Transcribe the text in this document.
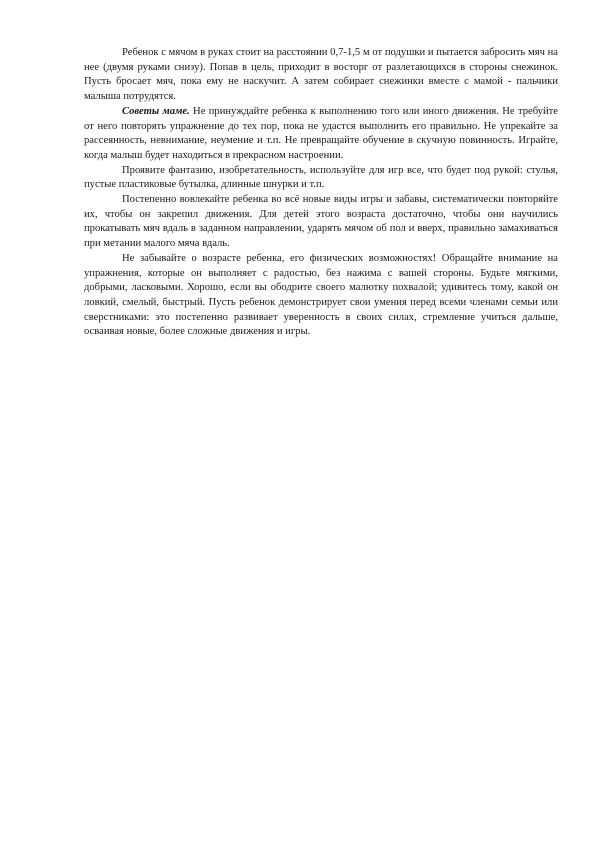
Ребенок с мячом в руках стоит на расстоянии 0,7-1,5 м от подушки и пытается забросить мяч на нее (двумя руками снизу). Попав в цель, приходит в восторг от разлетающихся в стороны снежинок. Пусть бросает мяч, пока ему не наскучит. А затем собирает снежинки вместе с мамой - пальчики малыша потрудятся.

Советы маме. Не принуждайте ребенка к выполнению того или иного движения. Не требуйте от него повторять упражнение до тех пор, пока не удастся выполнить его правильно. Не упрекайте за рассеянность, невнимание, неумение и т.п. Не превращайте обучение в скучную повинность. Играйте, когда малыш будет находиться в прекрасном настроении.

Проявите фантазию, изобретательность, используйте для игр все, что будет под рукой: стулья, пустые пластиковые бутылка, длинные шнурки и т.п.

Постепенно вовлекайте ребенка во всё новые виды игры и забавы, систематически повторяйте их, чтобы он закрепил движения. Для детей этого возраста достаточно, чтобы они научились прокатывать мяч вдаль в заданном направлении, ударять мячом об пол и вверх, правильно замахиваться при метании малого мяча вдаль.

Не забывайте о возрасте ребенка, его физических возможностях! Обращайте внимание на упражнения, которые он выполняет с радостью, без нажима с вашей стороны. Будьте мягкими, добрыми, ласковыми. Хорошо, если вы ободрите своего малютку похвалой; удивитесь тому, какой он ловкий, смелый, быстрый. Пусть ребенок демонстрирует свои умения перед всеми членами семьи или сверстниками: это постепенно развивает уверенность в своих силах, стремление учиться дальше, осваивая новые, более сложные движения и игры.
